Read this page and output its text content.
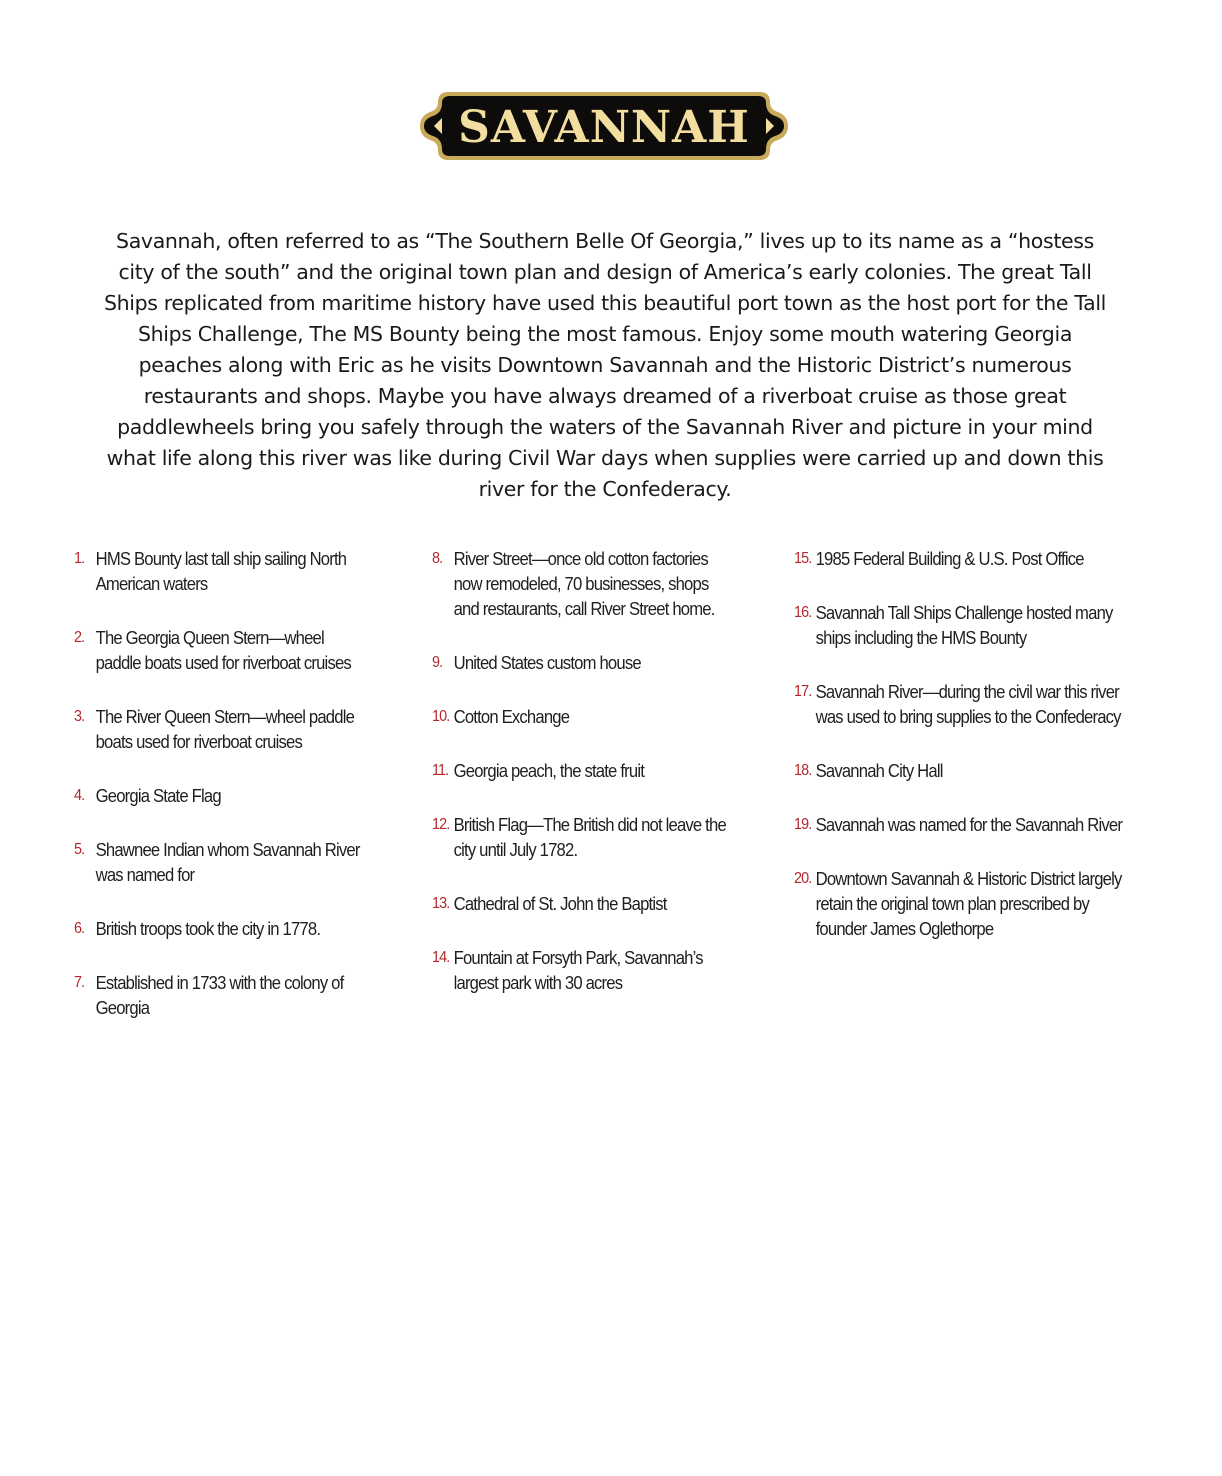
SAVANNAH

Savannah, often referred to as “The Southern Belle Of Georgia,” lives up to its name as a “hostess city of the south” and the original town plan and design of America’s early colonies. The great Tall Ships replicated from maritime history have used this beautiful port town as the host port for the Tall Ships Challenge, The MS Bounty being the most famous. Enjoy some mouth watering Georgia peaches along with Eric as he visits Downtown Savannah and the Historic District’s numerous restaurants and shops. Maybe you have always dreamed of a riverboat cruise as those great paddlewheels bring you safely through the waters of the Savannah River and picture in your mind what life along this river was like during Civil War days when supplies were carried up and down this river for the Confederacy.

1. HMS Bounty last tall ship sailing North American waters
2. The Georgia Queen Stern—wheel paddle boats used for riverboat cruises
3. The River Queen Stern—wheel paddle boats used for riverboat cruises
4. Georgia State Flag
5. Shawnee Indian whom Savannah River was named for
6. British troops took the city in 1778.
7. Established in 1733 with the colony of Georgia
8. River Street—once old cotton factories now remodeled, 70 businesses, shops and restaurants, call River Street home.
9. United States custom house
10. Cotton Exchange
11. Georgia peach, the state fruit
12. British Flag—The British did not leave the city until July 1782.
13. Cathedral of St. John the Baptist
14. Fountain at Forsyth Park, Savannah’s largest park with 30 acres
15. 1985 Federal Building & U.S. Post Office
16. Savannah Tall Ships Challenge hosted many ships including the HMS Bounty
17. Savannah River—during the civil war this river was used to bring supplies to the Confederacy
18. Savannah City Hall
19. Savannah was named for the Savannah River
20. Downtown Savannah & Historic District largely retain the original town plan prescribed by founder James Oglethorpe
